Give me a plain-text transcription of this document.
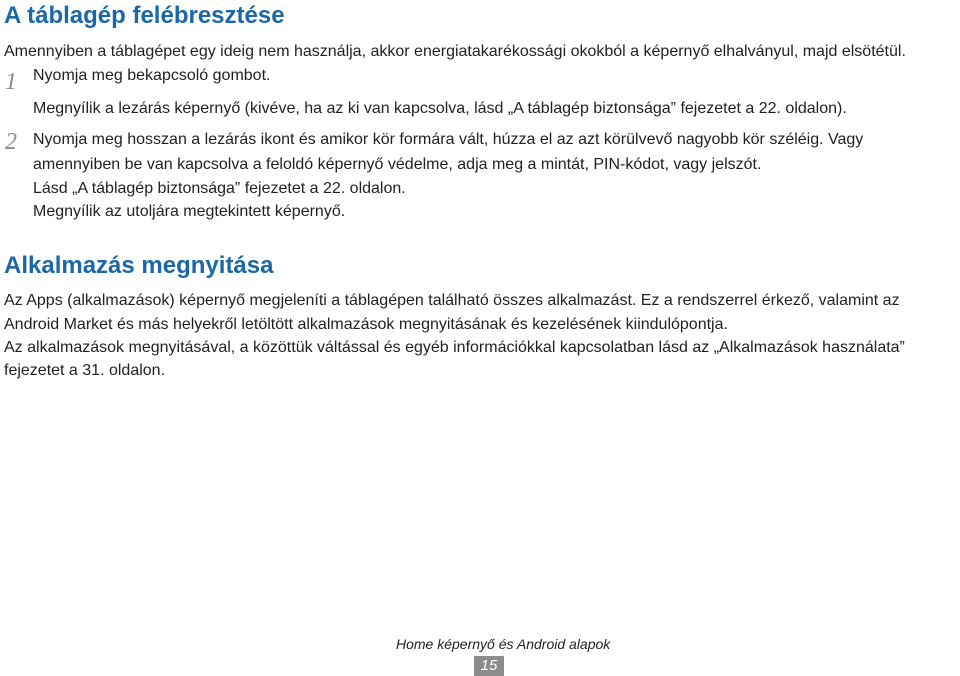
A táblagép felébresztése

Amennyiben a táblagépet egy ideig nem használja, akkor energiatakarékossági okokból a képernyő elhalványul, majd elsötétül.

1 Nyomja meg bekapcsoló gombot.

Megnyílik a lezárás képernyő (kivéve, ha az ki van kapcsolva, lásd „A táblagép biztonsága” fejezetet a 22. oldalon).

2 Nyomja meg hosszan a lezárás ikont és amikor kör formára vált, húzza el az azt körülvevő nagyobb kör széléig. Vagy

amennyiben be van kapcsolva a feloldó képernyő védelme, adja meg a mintát, PIN-kódot, vagy jelszót.

Lásd „A táblagép biztonsága” fejezetet a 22. oldalon.

Megnyílik az utoljára megtekintett képernyő.

Alkalmazás megnyitása

Az Apps (alkalmazások) képernyő megjeleníti a táblagépen található összes alkalmazást. Ez a rendszerrel érkező, valamint az

Android Market és más helyekről letöltött alkalmazások megnyitásának és kezelésének kiindulópontja.

Az alkalmazások megnyitásával, a közöttük váltással és egyéb információkkal kapcsolatban lásd az „Alkalmazások használata”

fejezetet a 31. oldalon.

Home képernyő és Android alapok
15
